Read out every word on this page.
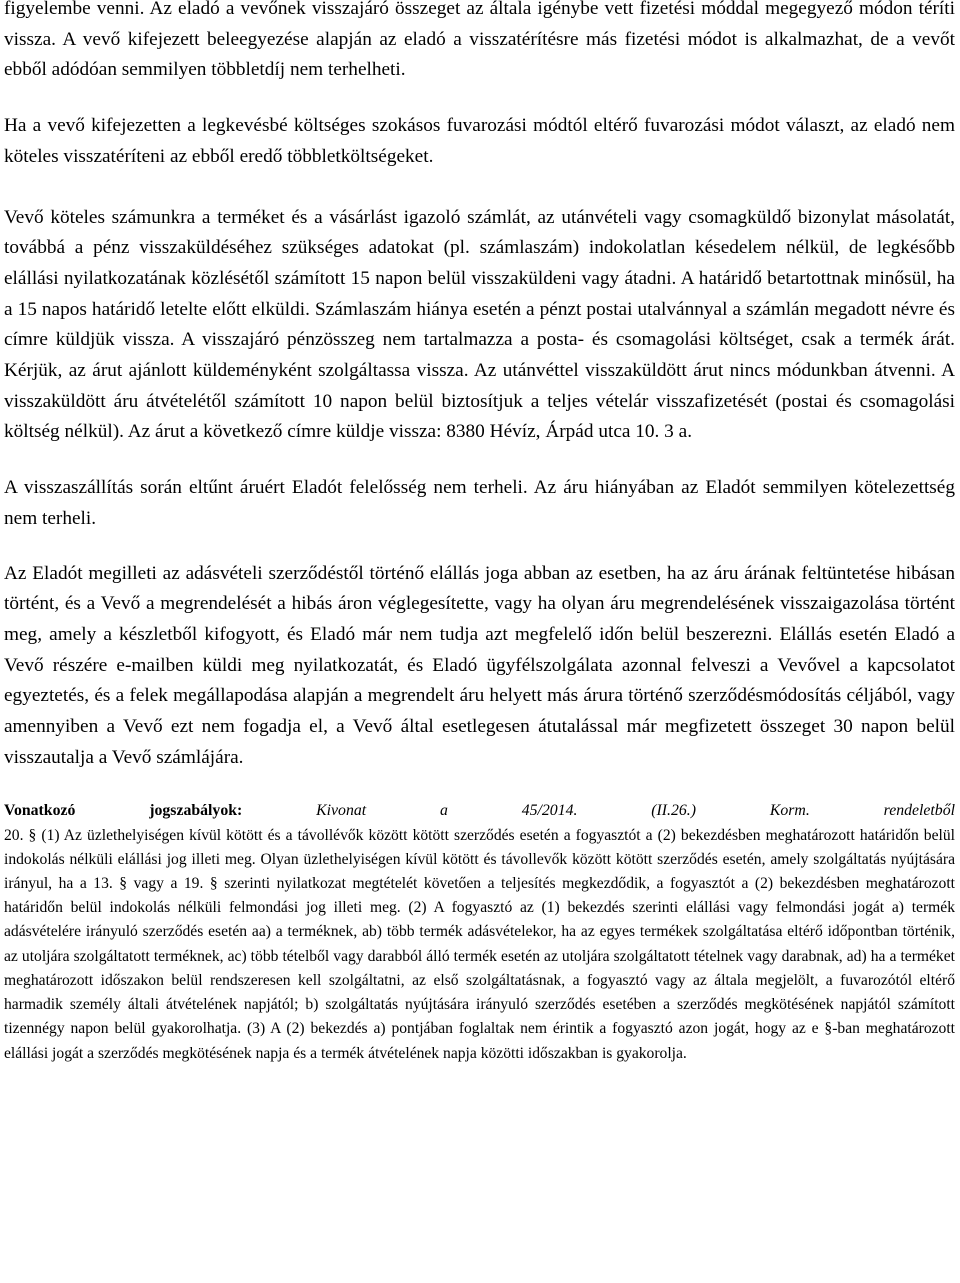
figyelembe venni. Az eladó a vevőnek visszajáró összeget az általa igénybe vett fizetési móddal megegyező módon téríti vissza. A vevő kifejezett beleegyezése alapján az eladó a visszatérítésre más fizetési módot is alkalmazhat, de a vevőt ebből adódóan semmilyen többletdíj nem terhelheti.

Ha a vevő kifejezetten a legkevésbé költséges szokásos fuvarozási módtól eltérő fuvarozási módot választ, az eladó nem köteles visszatéríteni az ebből eredő többletköltségeket.

Vevő köteles számunkra a terméket és a vásárlást igazoló számlát, az utánvételi vagy csomagküldő bizonylat másolatát, továbbá a pénz visszaküldéséhez szükséges adatokat (pl. számlaszám) indokolatlan késedelem nélkül, de legkésőbb elállási nyilatkozatának közlésétől számított 15 napon belül visszaküldeni vagy átadni. A határidő betartottnak minősül, ha a 15 napos határidő letelte előtt elküldi. Számlaszám hiánya esetén a pénzt postai utalvánnyal a számlán megadott névre és címre küldjük vissza. A visszajáró pénzösszeg nem tartalmazza a posta- és csomagolási költséget, csak a termék árát. Kérjük, az árut ajánlott küldeményként szolgáltassa vissza. Az utánvéttel visszaküldött árut nincs módunkban átvenni. A visszaküldött áru átvételétől számított 10 napon belül biztosítjuk a teljes vételár visszafizetését (postai és csomagolási költség nélkül). Az árut a következő címre küldje vissza: 8380 Hévíz, Árpád utca 10. 3 a.

A visszaszállítás során eltűnt áruért Eladót felelősség nem terheli. Az áru hiányában az Eladót semmilyen kötelezettség nem terheli.

Az Eladót megilleti az adásvételi szerződéstől történő elállás joga abban az esetben, ha az áru árának feltüntetése hibásan történt, és a Vevő a megrendelését a hibás áron véglegesítette, vagy ha olyan áru megrendelésének visszaigazolása történt meg, amely a készletből kifogyott, és Eladó már nem tudja azt megfelelő időn belül beszerezni. Elállás esetén Eladó a Vevő részére e-mailben küldi meg nyilatkozatát, és Eladó ügyfélszolgálata azonnal felveszi a Vevővel a kapcsolatot egyeztetés, és a felek megállapodása alapján a megrendelt áru helyett más árura történő szerződésmódosítás céljából, vagy amennyiben a Vevő ezt nem fogadja el, a Vevő által esetlegesen átutalással már megfizetett összeget 30 napon belül visszautalja a Vevő számlájára.

Vonatkozó jogszabályok:	Kivonat a 45/2014. (II.26.) Korm. rendeletből

20. § (1) Az üzlethelyiségen kívül kötött és a távollévők között kötött szerződés esetén a fogyasztót a (2) bekezdésben meghatározott határidőn belül indokolás nélküli elállási jog illeti meg. Olyan üzlethelyiségen kívül kötött és távollevők között kötött szerződés esetén, amely szolgáltatás nyújtására irányul, ha a 13. § vagy a 19. § szerinti nyilatkozat megtételét követően a teljesítés megkezdődik, a fogyasztót a (2) bekezdésben meghatározott határidőn belül indokolás nélküli felmondási jog illeti meg. (2) A fogyasztó az (1) bekezdés szerinti elállási vagy felmondási jogát a) termék adásvételére irányuló szerződés esetén aa) a terméknek, ab) több termék adásvételekor, ha az egyes termékek szolgáltatása eltérő időpontban történik, az utoljára szolgáltatott terméknek, ac) több tételből vagy darabból álló termék esetén az utoljára szolgáltatott tételnek vagy darabnak, ad) ha a terméket meghatározott időszakon belül rendszeresen kell szolgáltatni, az első szolgáltatásnak, a fogyasztó vagy az általa megjelölt, a fuvarozótól eltérő harmadik személy általi átvételének napjától; b) szolgáltatás nyújtására irányuló szerződés esetében a szerződés megkötésének napjától számított tizennégy napon belül gyakorolhatja. (3) A (2) bekezdés a) pontjában foglaltak nem érintik a fogyasztó azon jogát, hogy az e §-ban meghatározott elállási jogát a szerződés megkötésének napja és a termék átvételének napja közötti időszakban is gyakorolja.
